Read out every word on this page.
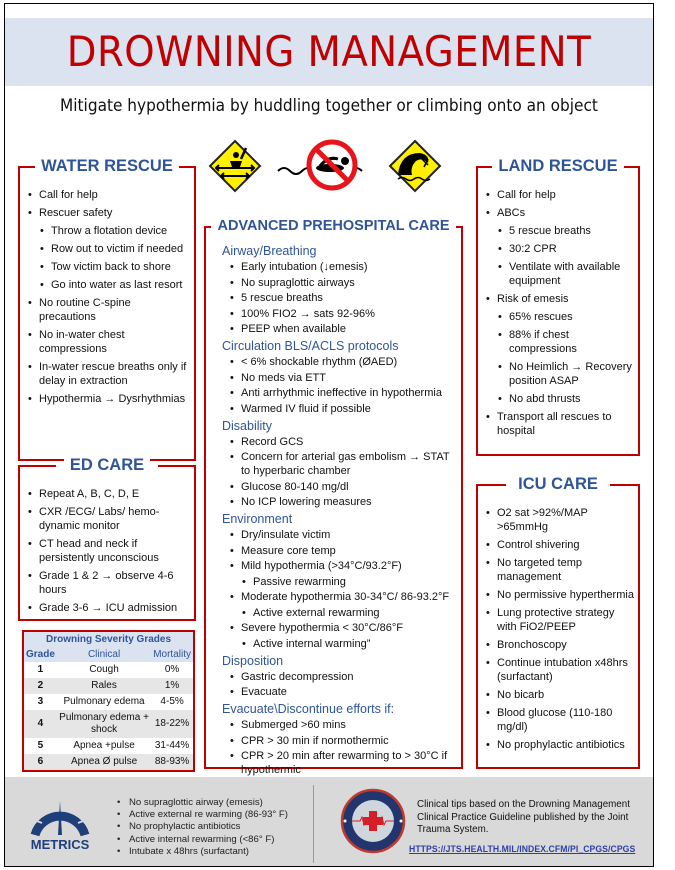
DROWNING MANAGEMENT
Mitigate hypothermia by huddling together or climbing onto an object
WATER RESCUE
• Call for help
• Rescuer safety
• Throw a flotation device
• Row out to victim if needed
• Tow victim back to shore
• Go into water as last resort
• No routine C-spine precautions
• No in-water chest compressions
• In-water rescue breaths only if delay in extraction
• Hypothermia → Dysrhythmias
ED CARE
• Repeat A, B, C, D, E
• CXR /ECG/ Labs/ hemo-dynamic monitor
• CT head and neck if persistently unconscious
• Grade 1 & 2 → observe 4-6 hours
• Grade 3-6 → ICU admission
Drowning Severity Grades		
Grade	Clinical	Mortality
1	Cough	0%
2	Rales	1%
3	Pulmonary edema	4-5%
4	Pulmonary edema + shock	18-22%
5	Apnea +pulse	31-44%
6	Apnea Ø pulse	88-93%
ADVANCED PREHOSPITAL CARE
Airway/Breathing
• Early intubation (↓emesis)
• No supraglottic airways
• 5 rescue breaths
• 100% FIO2 → sats 92-96%
• PEEP when available
Circulation BLS/ACLS protocols
• < 6% shockable rhythm (ØAED)
• No meds via ETT
• Anti arrhythmic ineffective in hypothermia
• Warmed IV fluid if possible
Disability
• Record GCS
• Concern for arterial gas embolism → STAT to hyperbaric chamber
• Glucose 80-140 mg/dl
• No ICP lowering measures
Environment
• Dry/insulate victim
• Measure core temp
• Mild hypothermia (>34°C/93.2°F)
• Passive rewarming
• Moderate hypothermia 30-34°C/ 86-93.2°F
• Active external rewarming
• Severe hypothermia < 30°C/86°F
• Active internal warming”
Disposition
• Gastric decompression
• Evacuate
Evacuate\Discontinue efforts if:
• Submerged >60 mins
• CPR > 30 min if normothermic
• CPR > 20 min after rewarming to > 30°C if hypothermic
LAND RESCUE
• Call for help
• ABCs
• 5 rescue breaths
• 30:2 CPR
• Ventilate with available equipment
• Risk of emesis
• 65% rescues
• 88% if chest compressions
• No Heimlich → Recovery position ASAP
• No abd thrusts
• Transport all rescues to hospital
ICU CARE
• O2 sat >92%/MAP >65mmHg
• Control shivering
• No targeted temp management
• No permissive hyperthermia
• Lung protective strategy with FiO2/PEEP
• Bronchoscopy
• Continue intubation x48hrs (surfactant)
• No bicarb
• Blood glucose (110-180 mg/dl)
• No prophylactic antibiotics
METRICS
• No supraglottic airway (emesis)
• Active external re warming (86-93° F)
• No prophylactic antibiotics
• Active internal rewarming (<86° F)
• Intubate x 48hrs (surfactant)
Clinical tips based on the Drowning Management Clinical Practice Guideline published by the Joint Trauma System.
HTTPS://JTS.HEALTH.MIL/INDEX.CFM/PI_CPGS/CPGS
